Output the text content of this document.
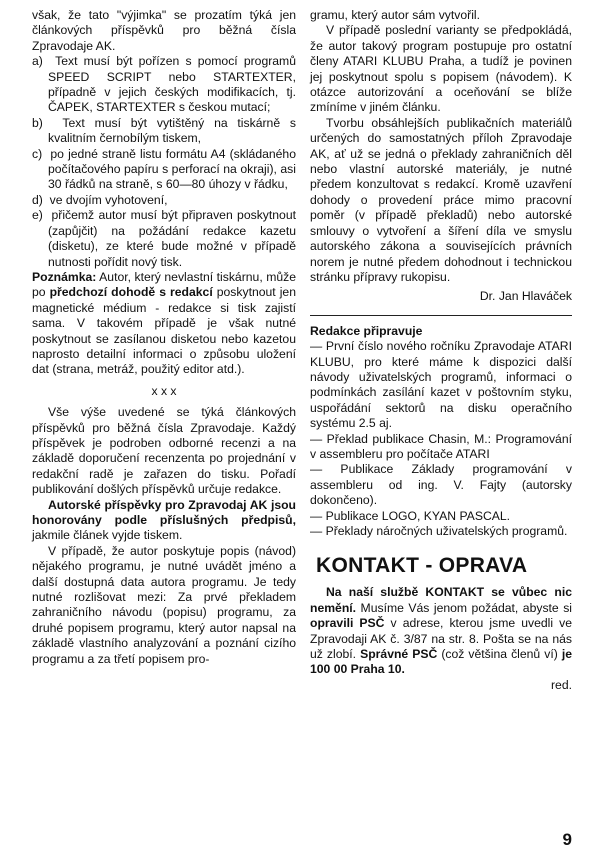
však, že tato "výjimka" se prozatím týká jen článkových příspěvků pro běžná čísla Zpravodaje AK.

a)  Text musí být pořízen s pomocí programů SPEED SCRIPT nebo STARTEXTER, případně v jejich českých modifikacích, tj. ČAPEK, STARTEXTER s českou mutací;

b)  Text musí být vytištěný na tiskárně s kvalitním černobílým tiskem,

c)  po jedné straně listu formátu A4 (skládaného počítačového papíru s perforací na okraji), asi 30 řádků na straně, s 60—80 úhozy v řádku,

d)  ve dvojím vyhotovení,

e)  přičemž autor musí být připraven poskytnout (zapůjčit) na požádání redakce kazetu (disketu), ze které bude možné v případě nutnosti pořídit nový tisk.

Poznámka: Autor, který nevlastní tiskárnu, může po předchozí dohodě s redakcí poskytnout jen magnetické médium - redakce si tisk zajistí sama. V takovém případě je však nutné poskytnout se zasílanou disketou nebo kazetou naprosto detailní informaci o způsobu uložení dat (strana, metráž, použitý editor atd.).

x x x

Vše výše uvedené se týká článkových příspěvků pro běžná čísla Zpravodaje. Každý příspěvek je podroben odborné recenzi a na základě doporučení recenzenta po projednání v redakční radě je zařazen do tisku. Pořadí publikování došlých příspěvků určuje redakce.

Autorské příspěvky pro Zpravodaj AK jsou honorovány podle příslušných předpisů, jakmile článek vyjde tiskem.

V případě, že autor poskytuje popis (návod) nějakého programu, je nutné uvádět jméno a další dostupná data autora programu. Je tedy nutné rozlišovat mezi: Za prvé překladem zahraničního návodu (popisu) programu, za druhé popisem programu, který autor napsal na základě vlastního analyzování a poznání cizího programu a za třetí popisem pro-

gramu, který autor sám vytvořil.

V případě poslední varianty se předpokládá, že autor takový program postupuje pro ostatní členy ATARI KLUBU Praha, a tudíž je povinen jej poskytnout spolu s popisem (návodem). K otázce autorizování a oceňování se blíže zmíníme v jiném článku.

Tvorbu obsáhlejších publikačních materiálů určených do samostatných příloh Zpravodaje AK, ať už se jedná o překlady zahraničních děl nebo vlastní autorské materiály, je nutné předem konzultovat s redakcí. Kromě uzavření dohody o provedení práce mimo pracovní poměr (v případě překladů) nebo autorské smlouvy o vytvoření a šíření díla ve smyslu autorského zákona a souvisejících právních norem je nutné předem dohodnout i technickou stránku přípravy rukopisu.

Dr. Jan Hlaváček

Redakce připravuje

— První číslo nového ročníku Zpravodaje ATARI KLUBU, pro které máme k dispozici další návody uživatelských programů, informaci o podmínkách zasílání kazet v poštovním styku, uspořádání sektorů na disku operačního systému 2.5 aj.

— Překlad publikace Chasin, M.: Programování v assembleru pro počítače ATARI

— Publikace Základy programování v assembleru od ing. V. Fajty (autorsky dokončeno).

— Publikace LOGO, KYAN PASCAL.

— Překlady náročných uživatelských programů.

KONTAKT - OPRAVA

Na naší službě KONTAKT se vůbec nic nemění. Musíme Vás jenom požádat, abyste si opravili PSČ v adrese, kterou jsme uvedli ve Zpravodaji AK č. 3/87 na str. 8. Pošta se na nás už zlobí. Správné PSČ (což většina členů ví) je 100 00 Praha 10.

red.

9
